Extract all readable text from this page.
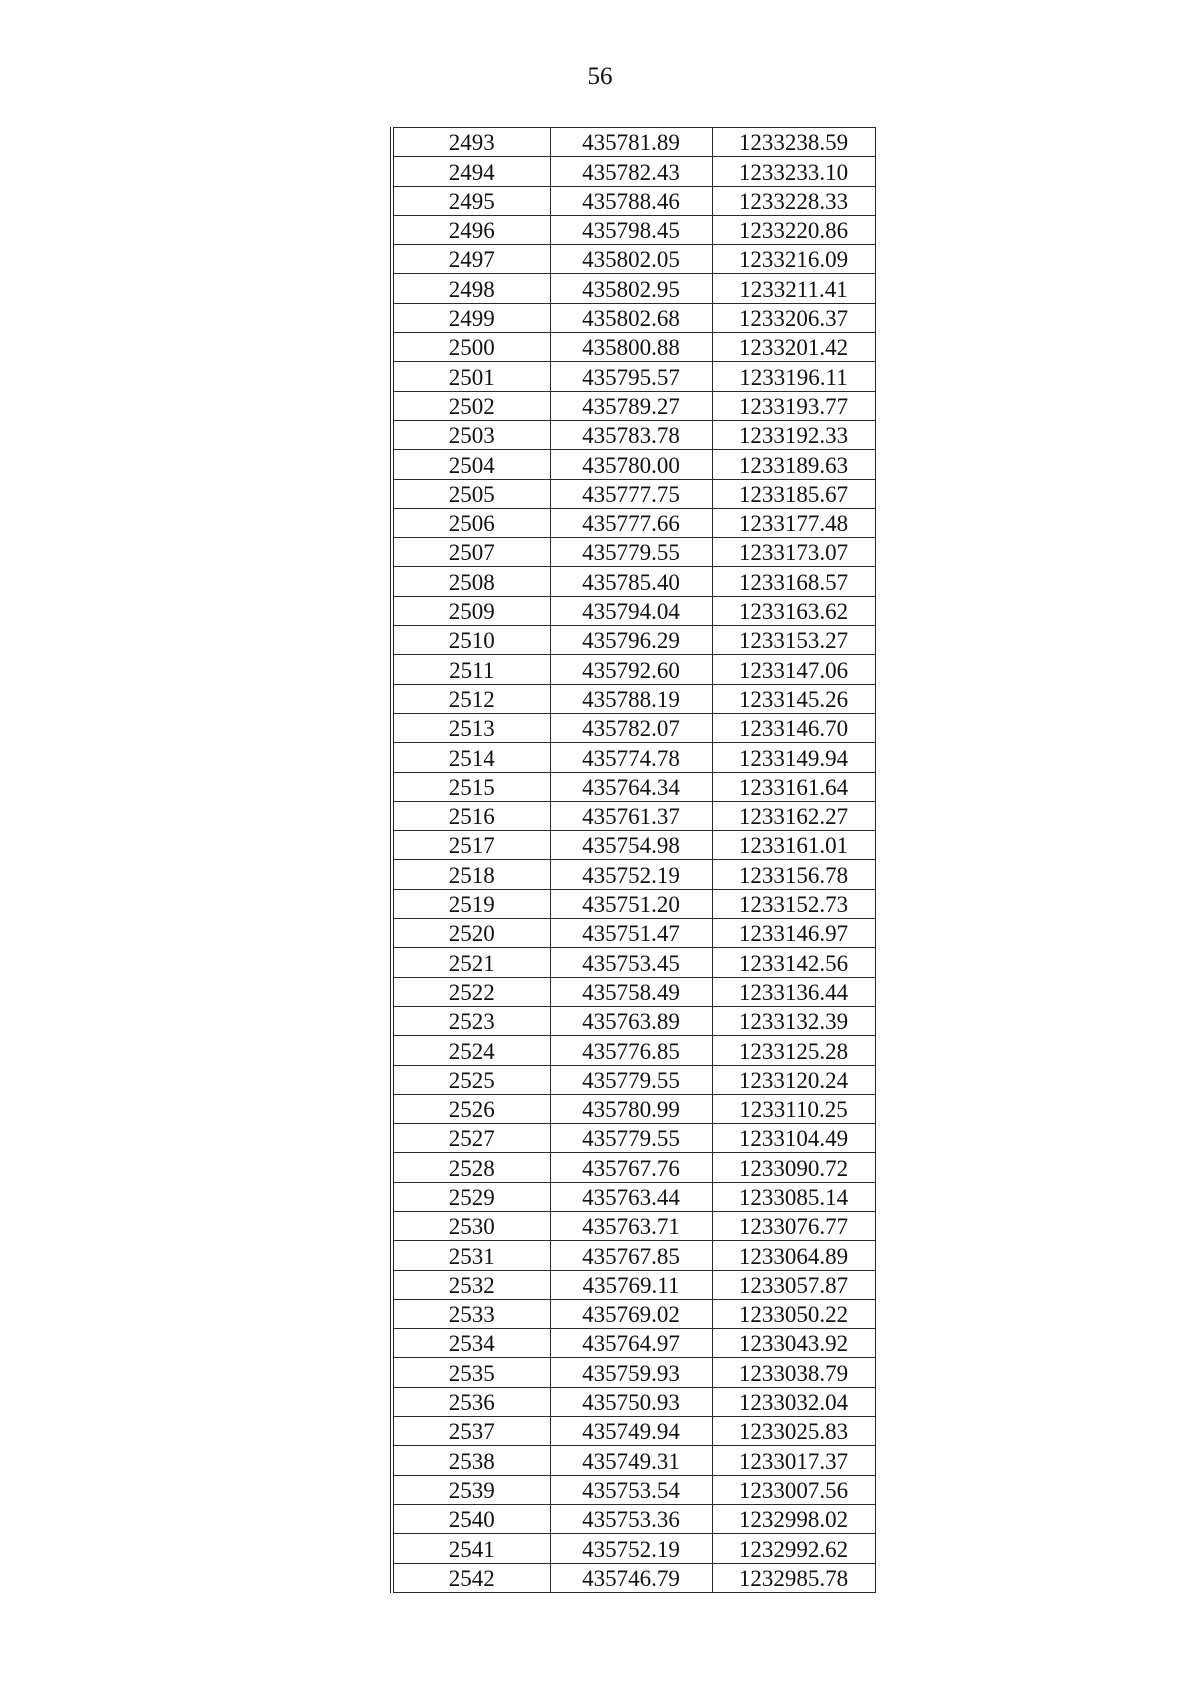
56
2493	435781.89	1233238.59
2494	435782.43	1233233.10
2495	435788.46	1233228.33
2496	435798.45	1233220.86
2497	435802.05	1233216.09
2498	435802.95	1233211.41
2499	435802.68	1233206.37
2500	435800.88	1233201.42
2501	435795.57	1233196.11
2502	435789.27	1233193.77
2503	435783.78	1233192.33
2504	435780.00	1233189.63
2505	435777.75	1233185.67
2506	435777.66	1233177.48
2507	435779.55	1233173.07
2508	435785.40	1233168.57
2509	435794.04	1233163.62
2510	435796.29	1233153.27
2511	435792.60	1233147.06
2512	435788.19	1233145.26
2513	435782.07	1233146.70
2514	435774.78	1233149.94
2515	435764.34	1233161.64
2516	435761.37	1233162.27
2517	435754.98	1233161.01
2518	435752.19	1233156.78
2519	435751.20	1233152.73
2520	435751.47	1233146.97
2521	435753.45	1233142.56
2522	435758.49	1233136.44
2523	435763.89	1233132.39
2524	435776.85	1233125.28
2525	435779.55	1233120.24
2526	435780.99	1233110.25
2527	435779.55	1233104.49
2528	435767.76	1233090.72
2529	435763.44	1233085.14
2530	435763.71	1233076.77
2531	435767.85	1233064.89
2532	435769.11	1233057.87
2533	435769.02	1233050.22
2534	435764.97	1233043.92
2535	435759.93	1233038.79
2536	435750.93	1233032.04
2537	435749.94	1233025.83
2538	435749.31	1233017.37
2539	435753.54	1233007.56
2540	435753.36	1232998.02
2541	435752.19	1232992.62
2542	435746.79	1232985.78
